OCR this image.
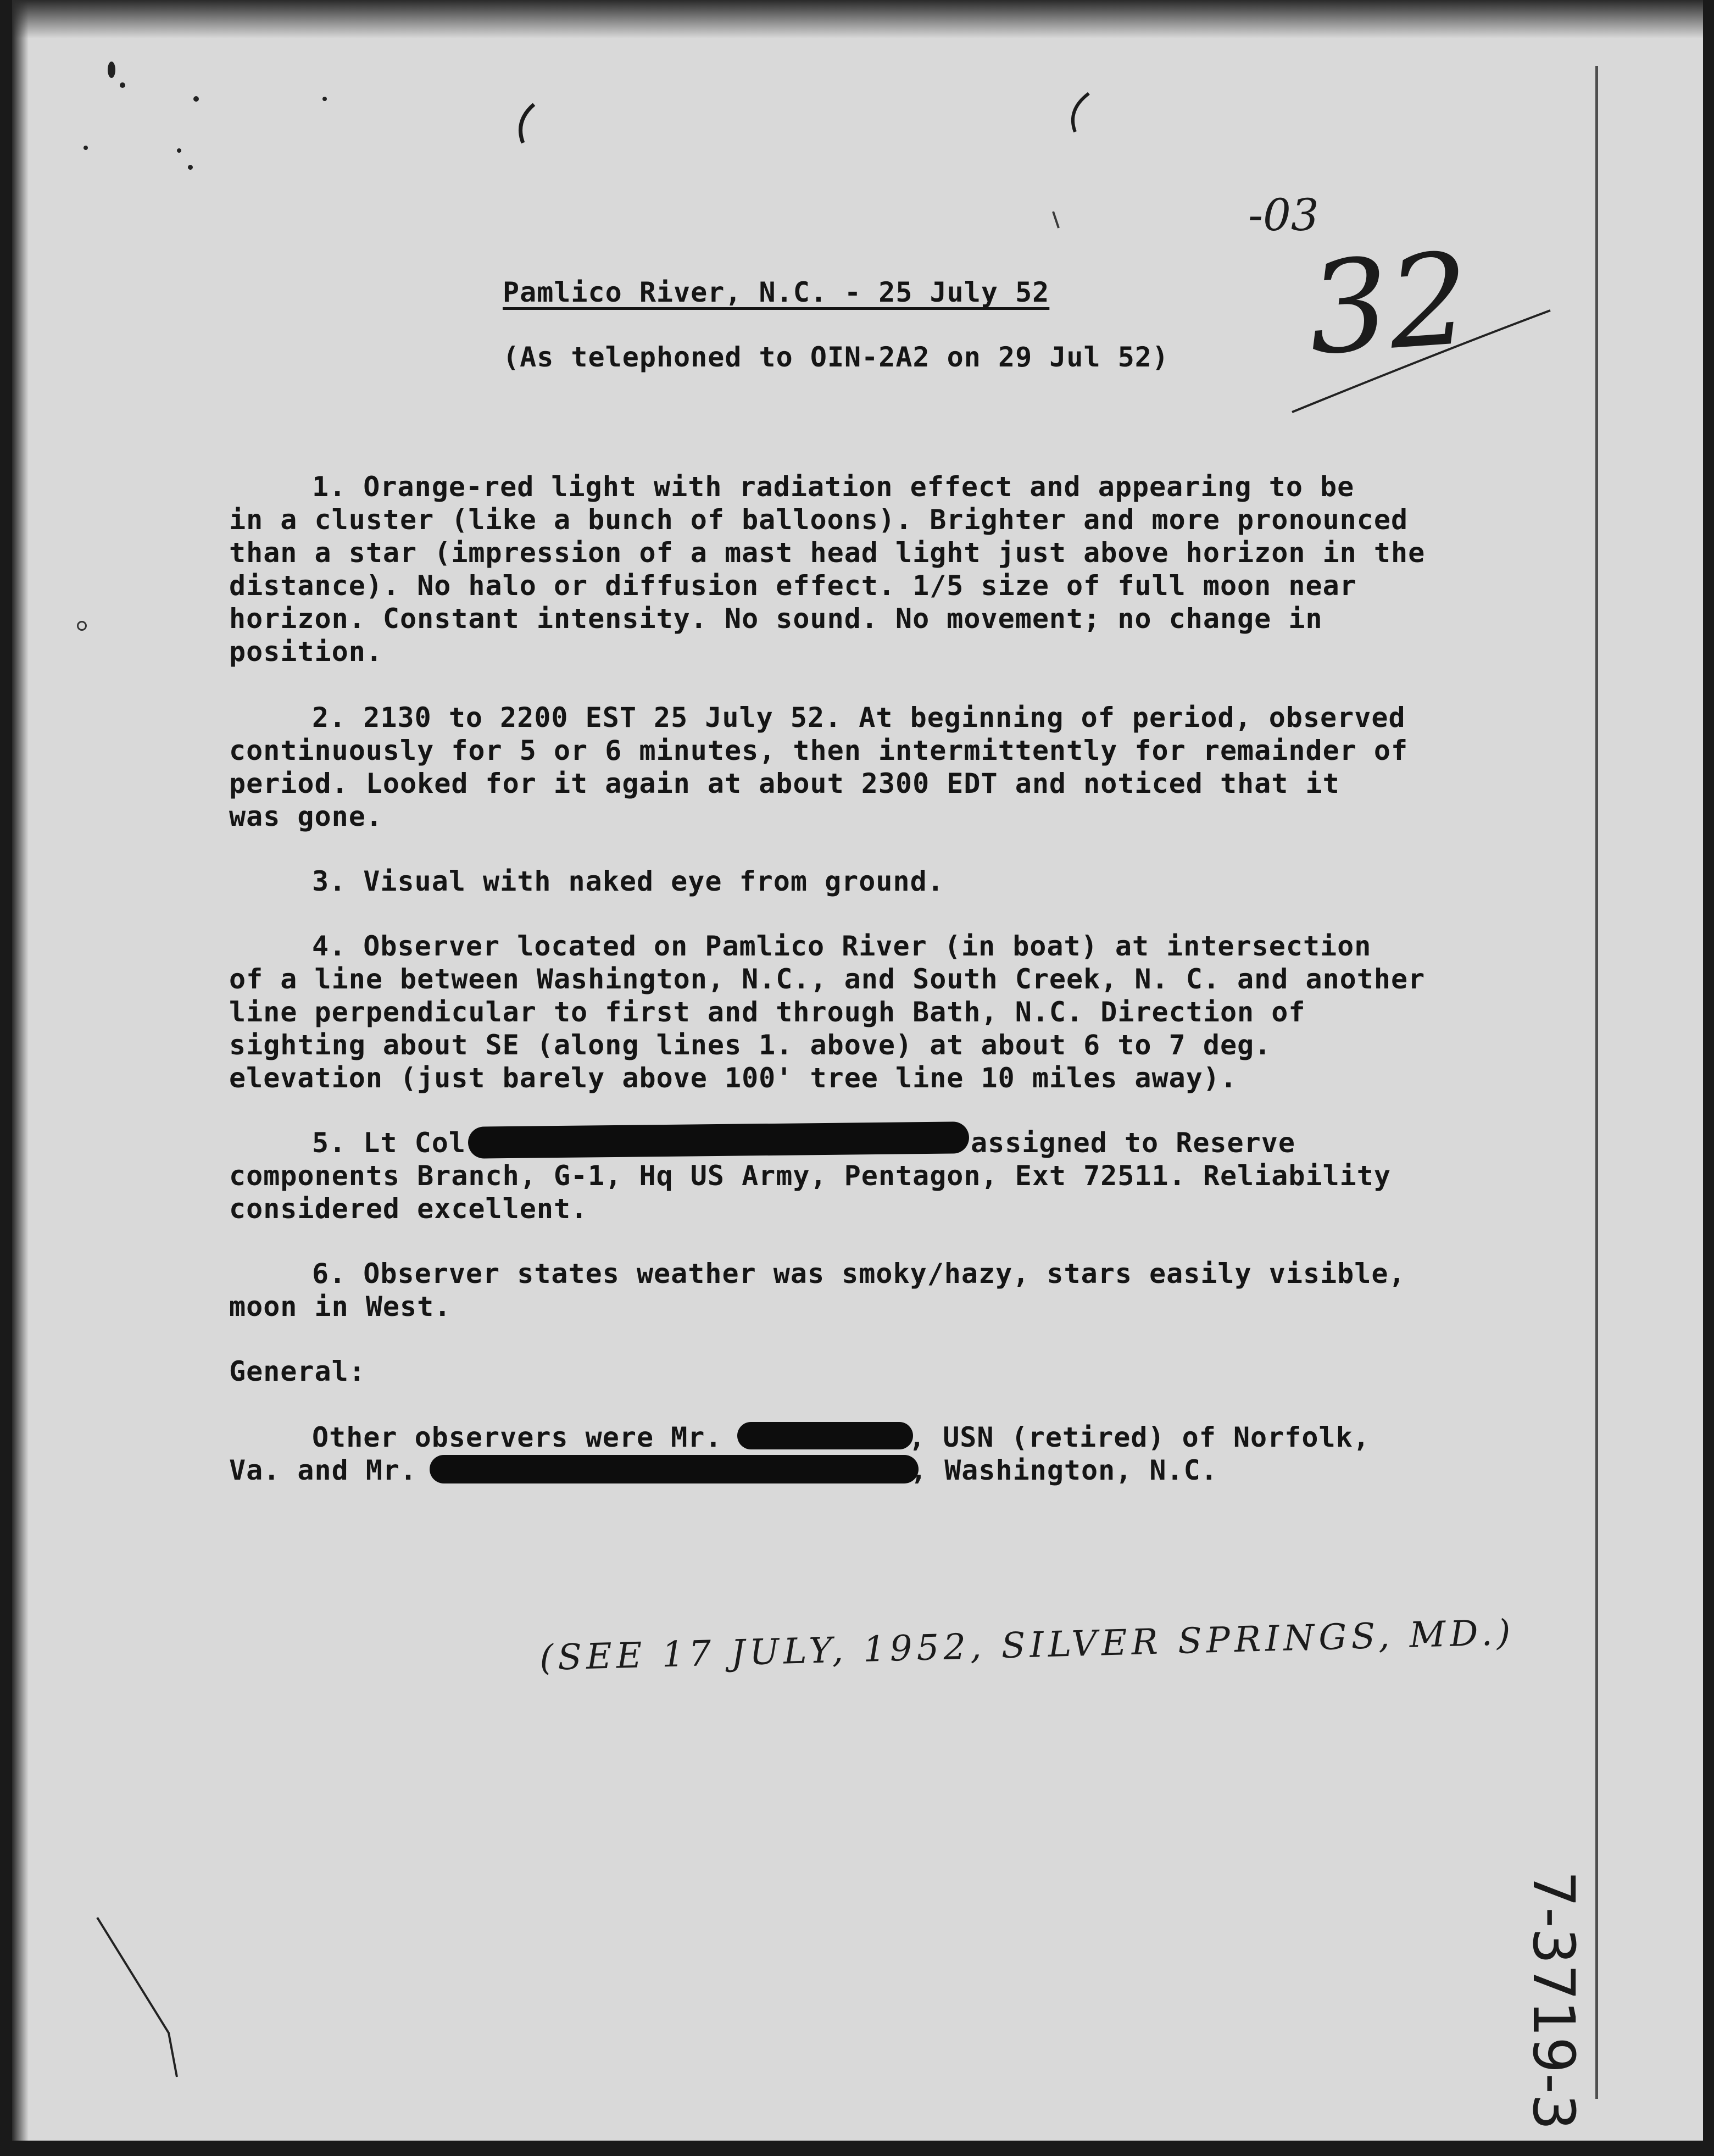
Pamlico River, N.C. - 25 July 52
(As telephoned to OIN-2A2 on 29 Jul 52)
1. Orange-red light with radiation effect and appearing to be
in a cluster (like a bunch of balloons). Brighter and more pronounced
than a star (impression of a mast head light just above horizon in the
distance). No halo or diffusion effect. 1/5 size of full moon near
horizon. Constant intensity. No sound. No movement; no change in
position.
2. 2130 to 2200 EST 25 July 52. At beginning of period, observed
continuously for 5 or 6 minutes, then intermittently for remainder of
period. Looked for it again at about 2300 EDT and noticed that it
was gone.
3. Visual with naked eye from ground.
4. Observer located on Pamlico River (in boat) at intersection
of a line between Washington, N.C., and South Creek, N. C. and another
line perpendicular to first and through Bath, N.C. Direction of
sighting about SE (along lines 1. above) at about 6 to 7 deg.
elevation (just barely above 100' tree line 10 miles away).
5. Lt Col	assigned to Reserve
components Branch, G-1, Hq US Army, Pentagon, Ext 72511. Reliability
considered excellent.
6. Observer states weather was smoky/hazy, stars easily visible,
moon in West.
General:
Other observers were Mr.	, USN (retired) of Norfolk,
Va. and Mr.	, Washington, N.C.
-03
32
(SEE 17 JULY, 1952, SILVER SPRINGS, MD.)
7-3719-3
